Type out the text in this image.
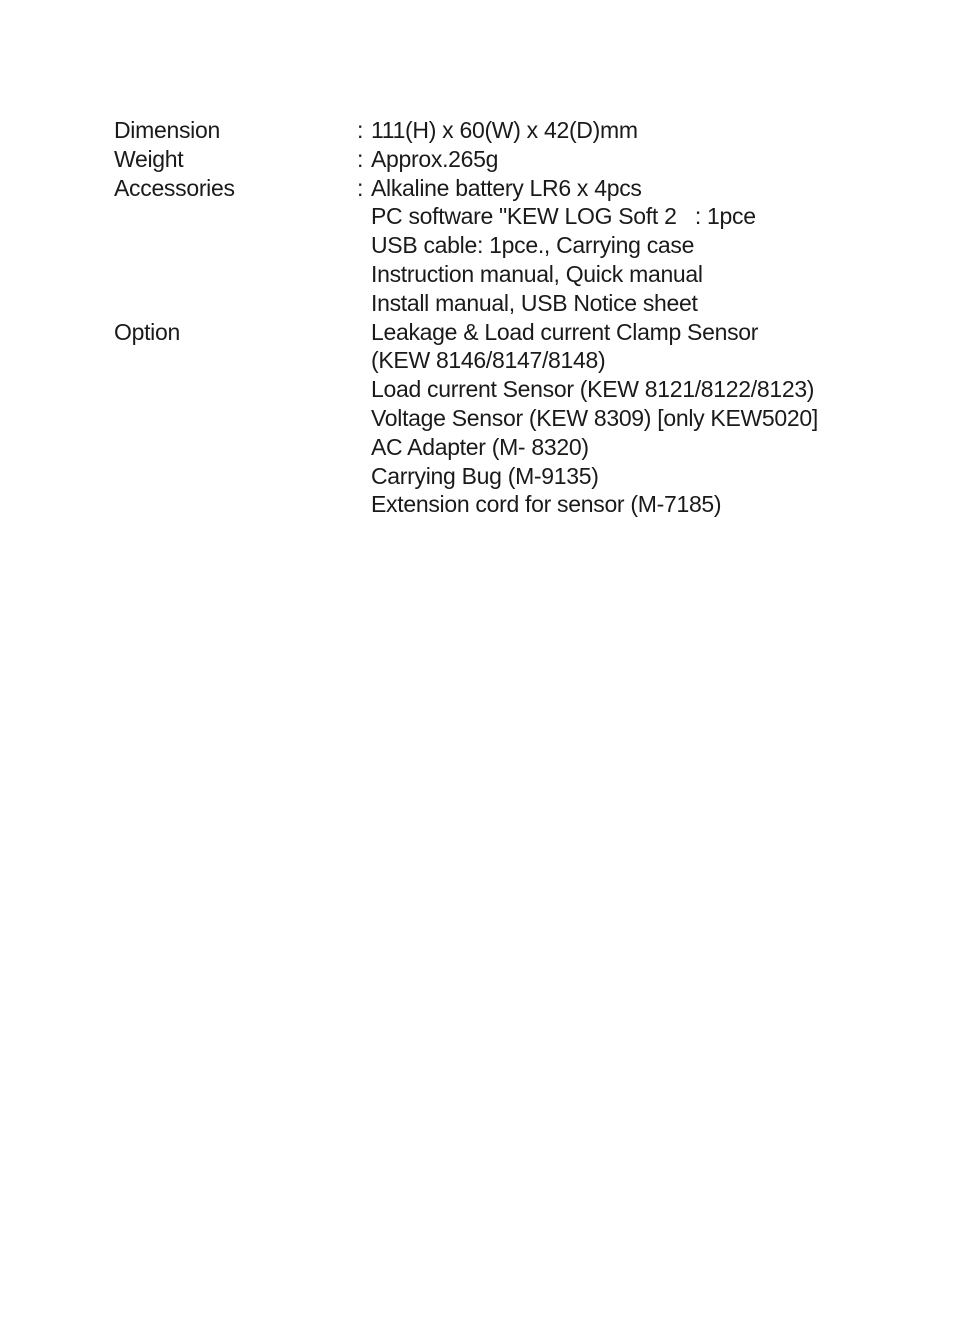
Dimension	: 111(H) x 60(W) x 42(D)mm
Weight	: Approx.265g
Accessories	: Alkaline battery LR6 x 4pcs
PC software "KEW LOG Soft 2   : 1pce
USB cable: 1pce., Carrying case
Instruction manual, Quick manual
Install manual, USB Notice sheet
Option	Leakage & Load current Clamp Sensor
(KEW 8146/8147/8148)
Load current Sensor (KEW 8121/8122/8123)
Voltage Sensor (KEW 8309) [only KEW5020]
AC Adapter (M- 8320)
Carrying Bug (M-9135)
Extension cord for sensor (M-7185)
